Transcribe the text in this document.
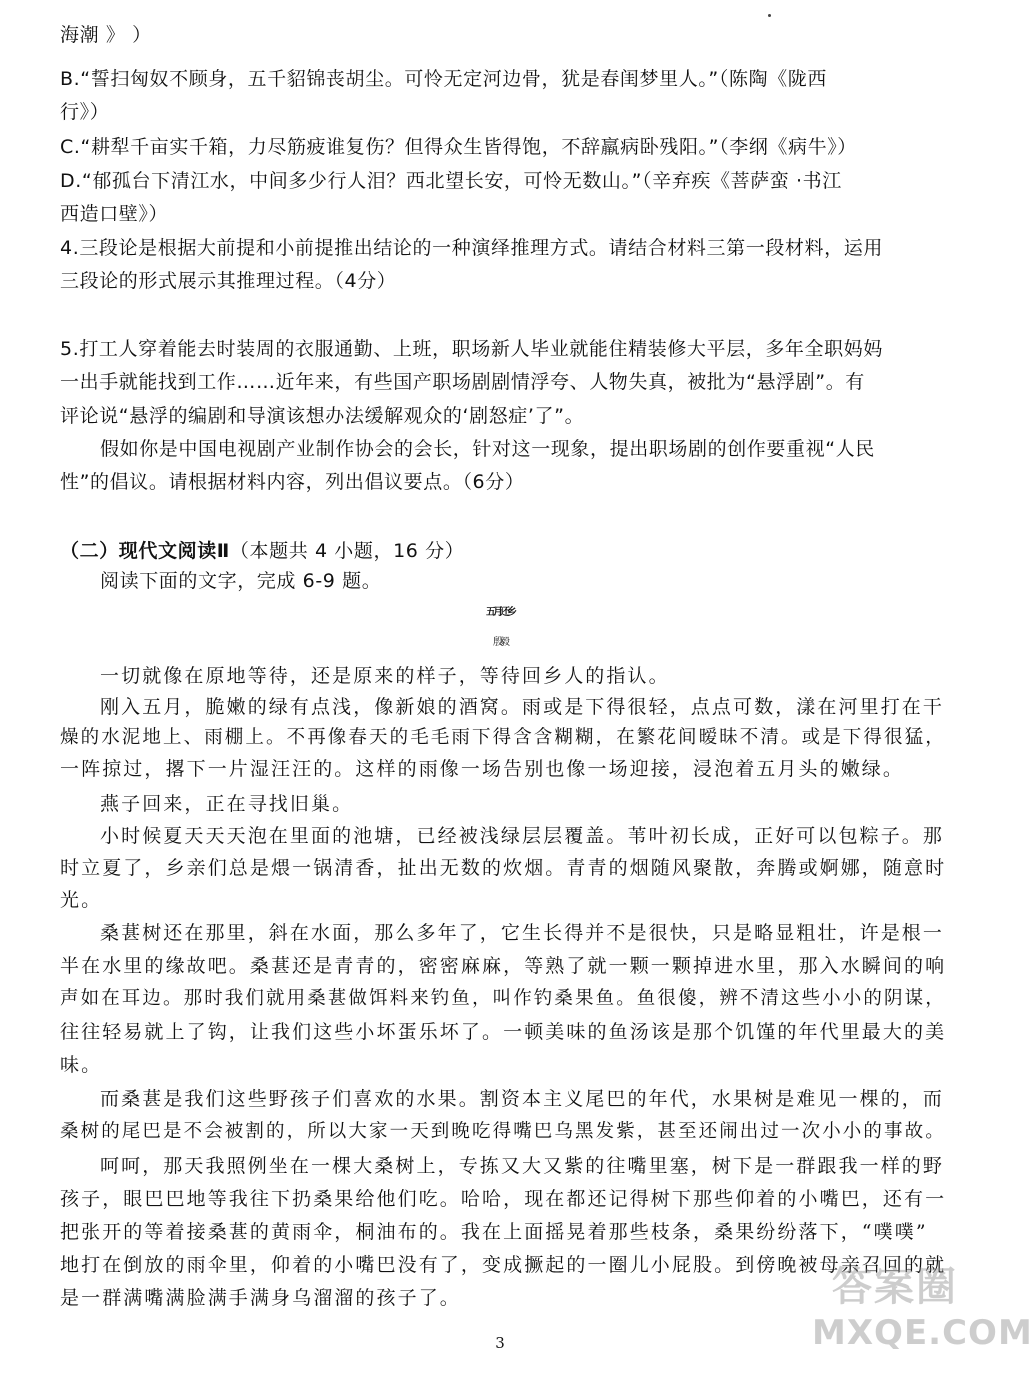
海潮 》 ）

B.“誓扫匈奴不顾身，五千貂锦丧胡尘。可怜无定河边骨，犹是春闺梦里人。”（陈陶《陇西

行》）

C.“耕犁千亩实千箱，力尽筋疲谁复伤？但得众生皆得饱，不辞羸病卧残阳。”（李纲《病牛》）

D.“郁孤台下清江水，中间多少行人泪？西北望长安，可怜无数山。”（辛弃疾《菩萨蛮 ·书江

西造口壁》）

4.三段论是根据大前提和小前提推出结论的一种演绎推理方式。请结合材料三第一段材料，运用

三段论的形式展示其推理过程。（4分）

5.打工人穿着能去时装周的衣服通勤、上班，职场新人毕业就能住精装修大平层，多年全职妈妈

一出手就能找到工作……近年来，有些国产职场剧剧情浮夸、人物失真，被批为“悬浮剧”。有

评论说“悬浮的编剧和导演该想办法缓解观众的‘剧怒症’了”。

假如你是中国电视剧产业制作协会的会长，针对这一现象，提出职场剧的创作要重视“人民

性”的倡议。请根据材料内容，列出倡议要点。（6分）

（二）现代文阅读Ⅱ（本题共 4 小题，16 分）

阅读下面的文字，完成 6-9 题。

五月还乡

殷毅

一切就像在原地等待，还是原来的样子，等待回乡人的指认。

刚入五月，脆嫩的绿有点浅，像新娘的酒窝。雨或是下得很轻，点点可数，漾在河里打在干

燥的水泥地上、雨棚上。不再像春天的毛毛雨下得含含糊糊，在繁花间暧昧不清。或是下得很猛，

一阵掠过，撂下一片湿汪汪的。这样的雨像一场告别也像一场迎接，浸泡着五月头的嫩绿。

燕子回来，正在寻找旧巢。

小时候夏天天天泡在里面的池塘，已经被浅绿层层覆盖。苇叶初长成，正好可以包粽子。那

时立夏了，乡亲们总是煨一锅清香，扯出无数的炊烟。青青的烟随风聚散，奔腾或婀娜，随意时

光。

桑葚树还在那里，斜在水面，那么多年了，它生长得并不是很快，只是略显粗壮，许是根一

半在水里的缘故吧。桑葚还是青青的，密密麻麻，等熟了就一颗一颗掉进水里，那入水瞬间的响

声如在耳边。那时我们就用桑葚做饵料来钓鱼，叫作钓桑果鱼。鱼很傻，辨不清这些小小的阴谋，

往往轻易就上了钩，让我们这些小坏蛋乐坏了。一顿美味的鱼汤该是那个饥馑的年代里最大的美

味。

而桑葚是我们这些野孩子们喜欢的水果。割资本主义尾巴的年代，水果树是难见一棵的，而

桑树的尾巴是不会被割的，所以大家一天到晚吃得嘴巴乌黑发紫，甚至还闹出过一次小小的事故。

呵呵，那天我照例坐在一棵大桑树上，专拣又大又紫的往嘴里塞，树下是一群跟我一样的野

孩子，眼巴巴地等我往下扔桑果给他们吃。哈哈，现在都还记得树下那些仰着的小嘴巴，还有一

把张开的等着接桑葚的黄雨伞，桐油布的。我在上面摇晃着那些枝条，桑果纷纷落下，“噗噗”

地打在倒放的雨伞里，仰着的小嘴巴没有了，变成撅起的一圈儿小屁股。到傍晚被母亲召回的就

是一群满嘴满脸满手满身乌溜溜的孩子了。

3
答案圈
MXQE.COM
